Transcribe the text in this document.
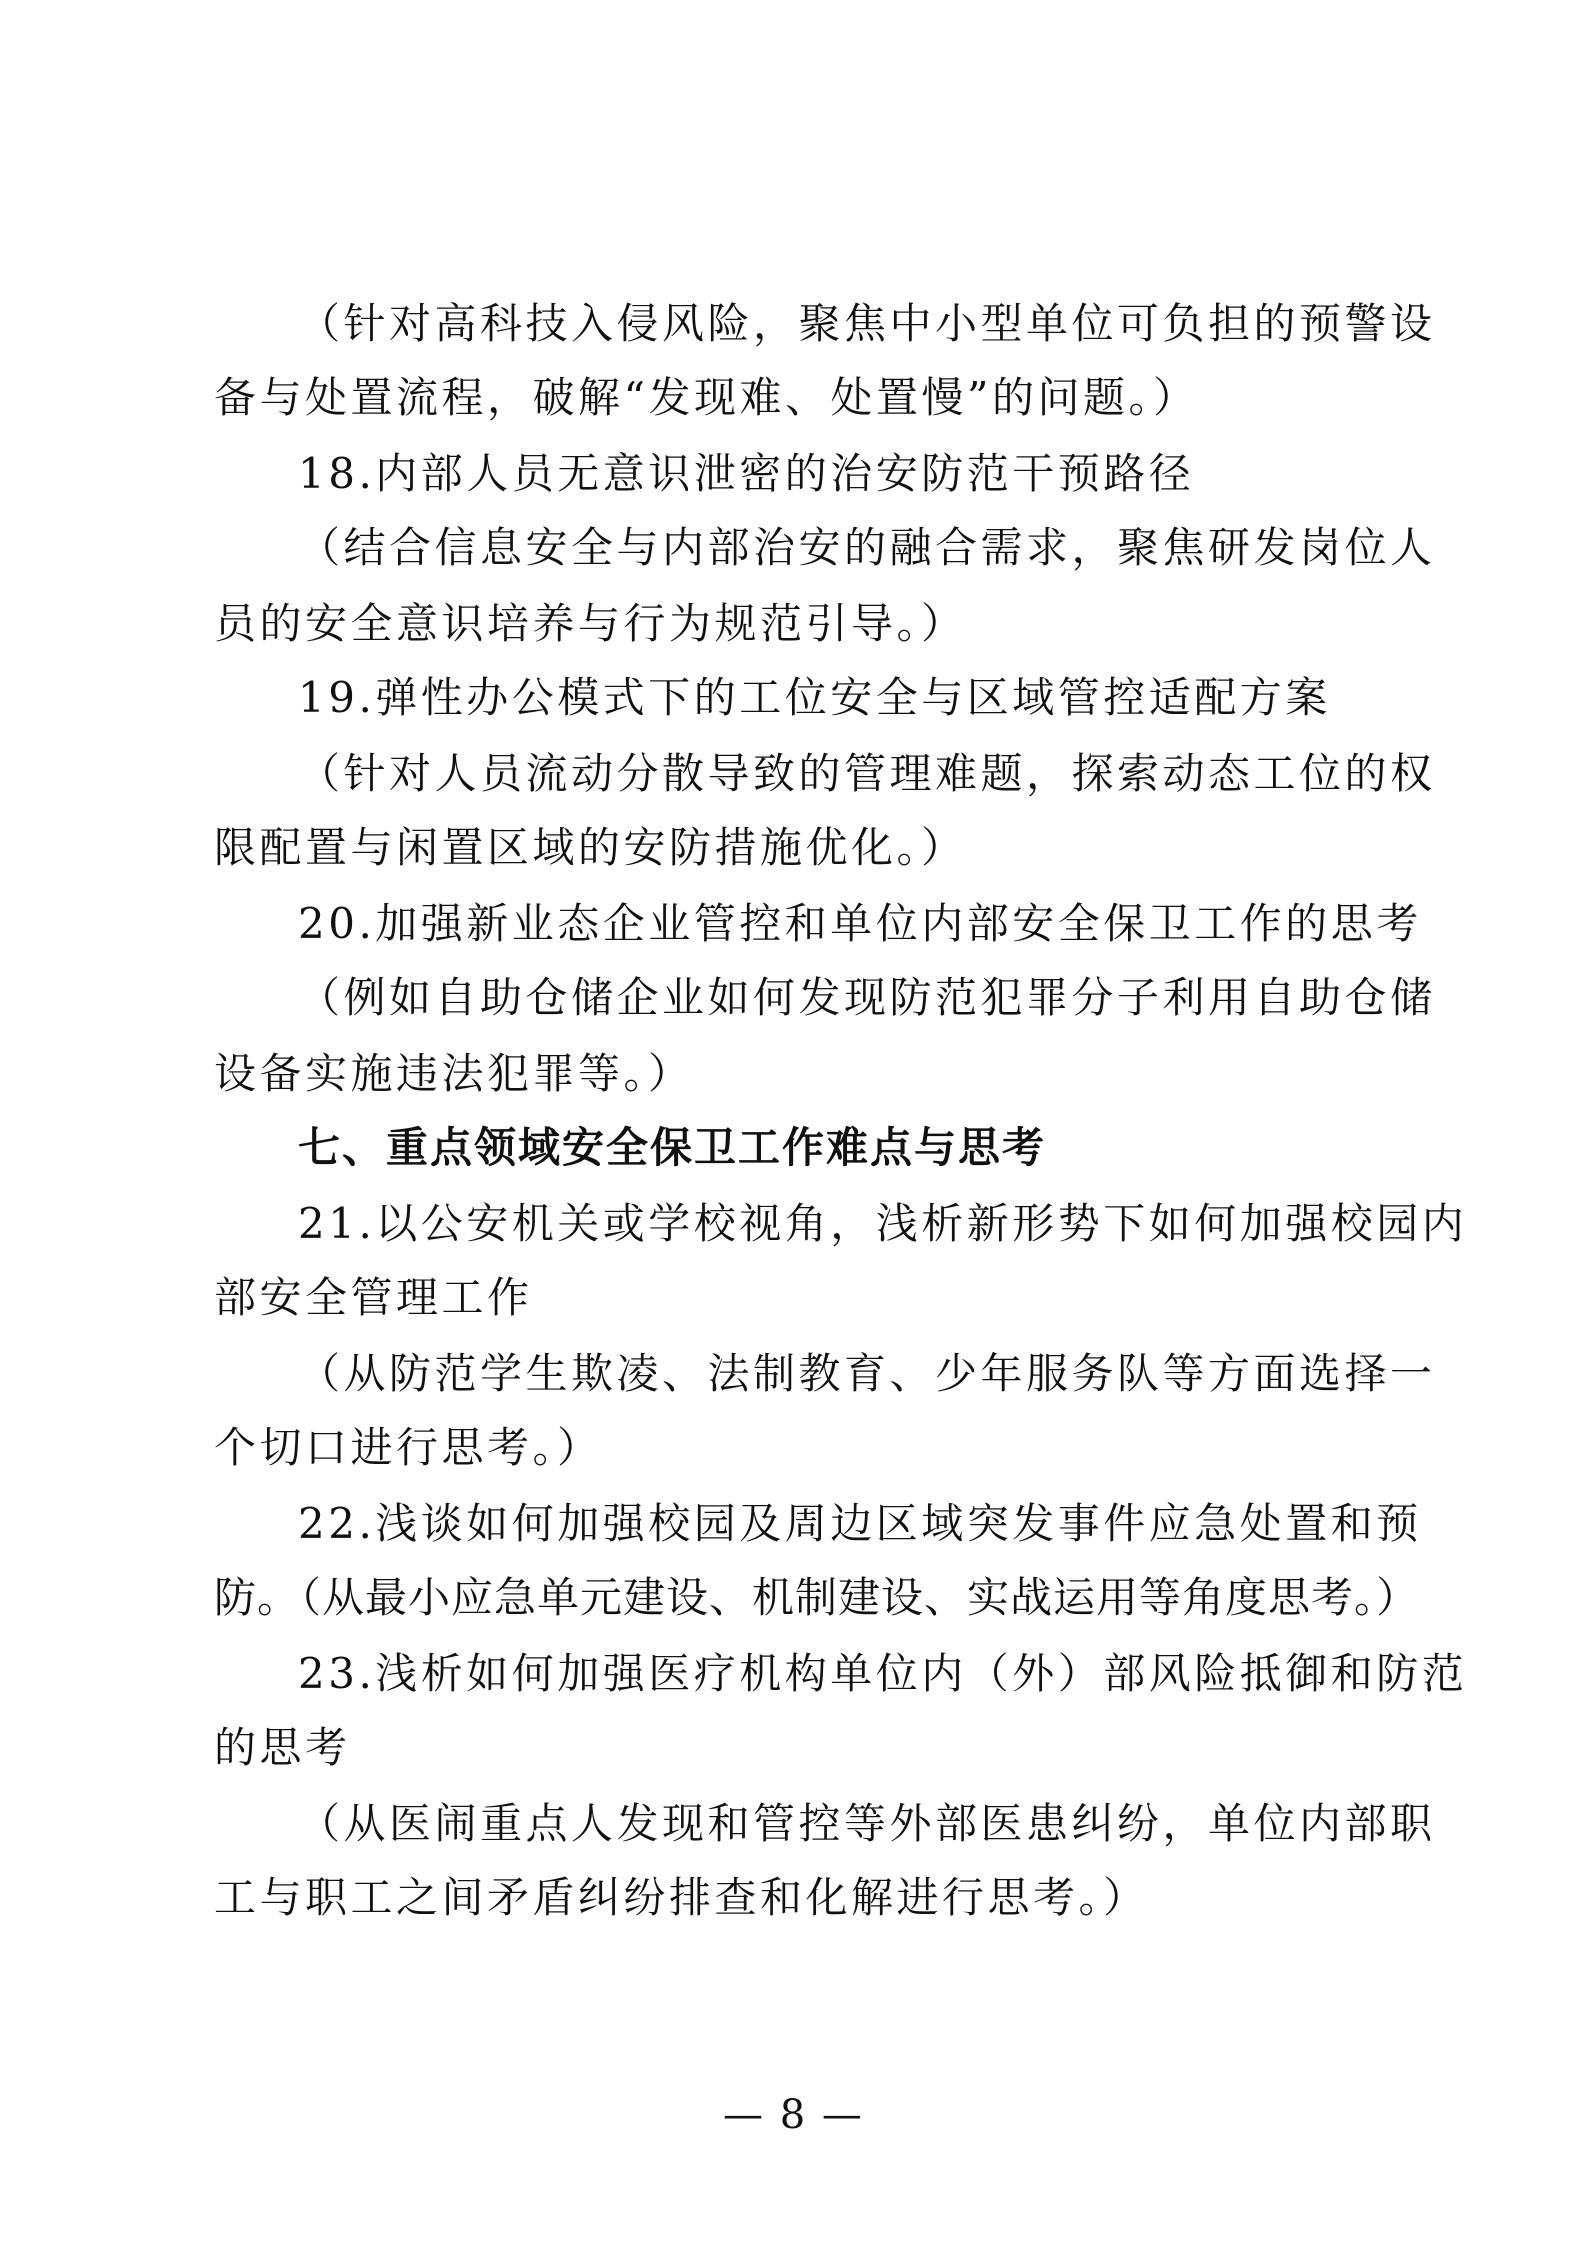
（针对高科技入侵风险，聚焦中小型单位可负担的预警设
备与处置流程，破解“发现难、处置慢”的问题。）
18.内部人员无意识泄密的治安防范干预路径
（结合信息安全与内部治安的融合需求，聚焦研发岗位人
员的安全意识培养与行为规范引导。）
19.弹性办公模式下的工位安全与区域管控适配方案
（针对人员流动分散导致的管理难题，探索动态工位的权
限配置与闲置区域的安防措施优化。）
20.加强新业态企业管控和单位内部安全保卫工作的思考
（例如自助仓储企业如何发现防范犯罪分子利用自助仓储
设备实施违法犯罪等。）
七、重点领域安全保卫工作难点与思考
21.以公安机关或学校视角，浅析新形势下如何加强校园内
部安全管理工作
（从防范学生欺凌、法制教育、少年服务队等方面选择一
个切口进行思考。）
22.浅谈如何加强校园及周边区域突发事件应急处置和预
防。（从最小应急单元建设、机制建设、实战运用等角度思考。）
23.浅析如何加强医疗机构单位内（外）部风险抵御和防范
的思考
（从医闹重点人发现和管控等外部医患纠纷，单位内部职
工与职工之间矛盾纠纷排查和化解进行思考。）
— 8 —
